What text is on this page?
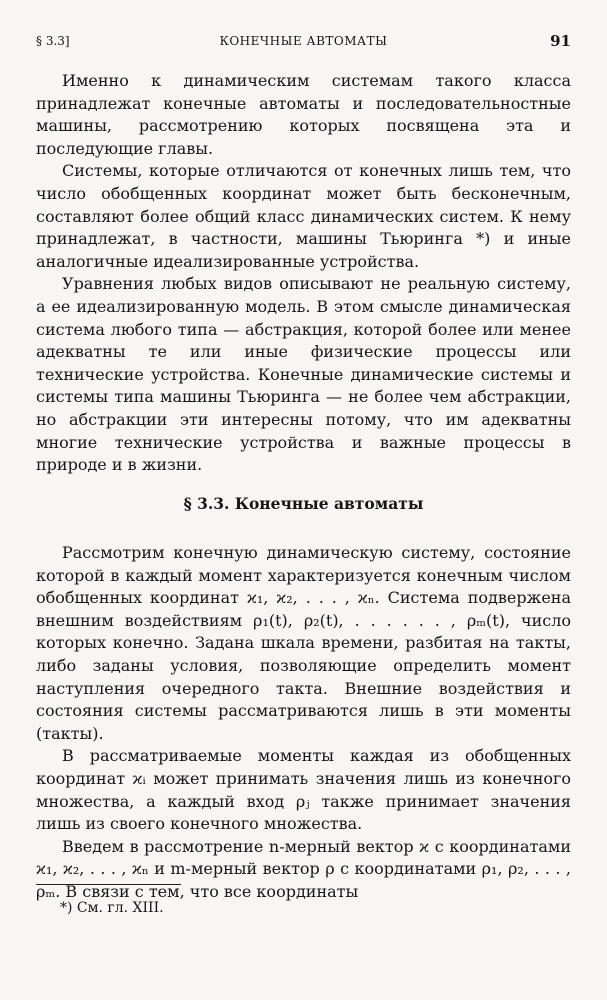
§ 3.3]	КОНЕЧНЫЕ АВТОМАТЫ	91

Именно к динамическим системам такого класса принадлежат конечные автоматы и последовательностные машины, рассмотрению которых посвящена эта и последующие главы.

Системы, которые отличаются от конечных лишь тем, что число обобщенных координат может быть бесконечным, составляют более общий класс динамических систем. К нему принадлежат, в частности, машины Тьюринга *) и иные аналогичные идеализированные устройства.

Уравнения любых видов описывают не реальную систему, а ее идеализированную модель. В этом смысле динамическая система любого типа — абстракция, которой более или менее адекватны те или иные физические процессы или технические устройства. Конечные динамические системы и системы типа машины Тьюринга — не более чем абстракции, но абстракции эти интересны потому, что им адекватны многие технические устройства и важные процессы в природе и в жизни.

§ 3.3. Конечные автоматы

Рассмотрим конечную динамическую систему, состояние которой в каждый момент характеризуется конечным числом обобщенных координат ϰ₁, ϰ₂, . . . , ϰₙ. Система подвержена внешним воздействиям ρ₁(t), ρ₂(t), . . . . . . , ρₘ(t), число которых конечно. Задана шкала времени, разбитая на такты, либо заданы условия, позволяющие определить момент наступления очередного такта. Внешние воздействия и состояния системы рассматриваются лишь в эти моменты (такты).

В рассматриваемые моменты каждая из обобщенных координат ϰᵢ может принимать значения лишь из конечного множества, а каждый вход ρⱼ также принимает значения лишь из своего конечного множества.

Введем в рассмотрение n-мерный вектор ϰ с координатами ϰ₁, ϰ₂, . . . , ϰₙ и m-мерный вектор ρ с координатами ρ₁, ρ₂, . . . , ρₘ. В связи с тем, что все координаты

*) См. гл. XIII.
